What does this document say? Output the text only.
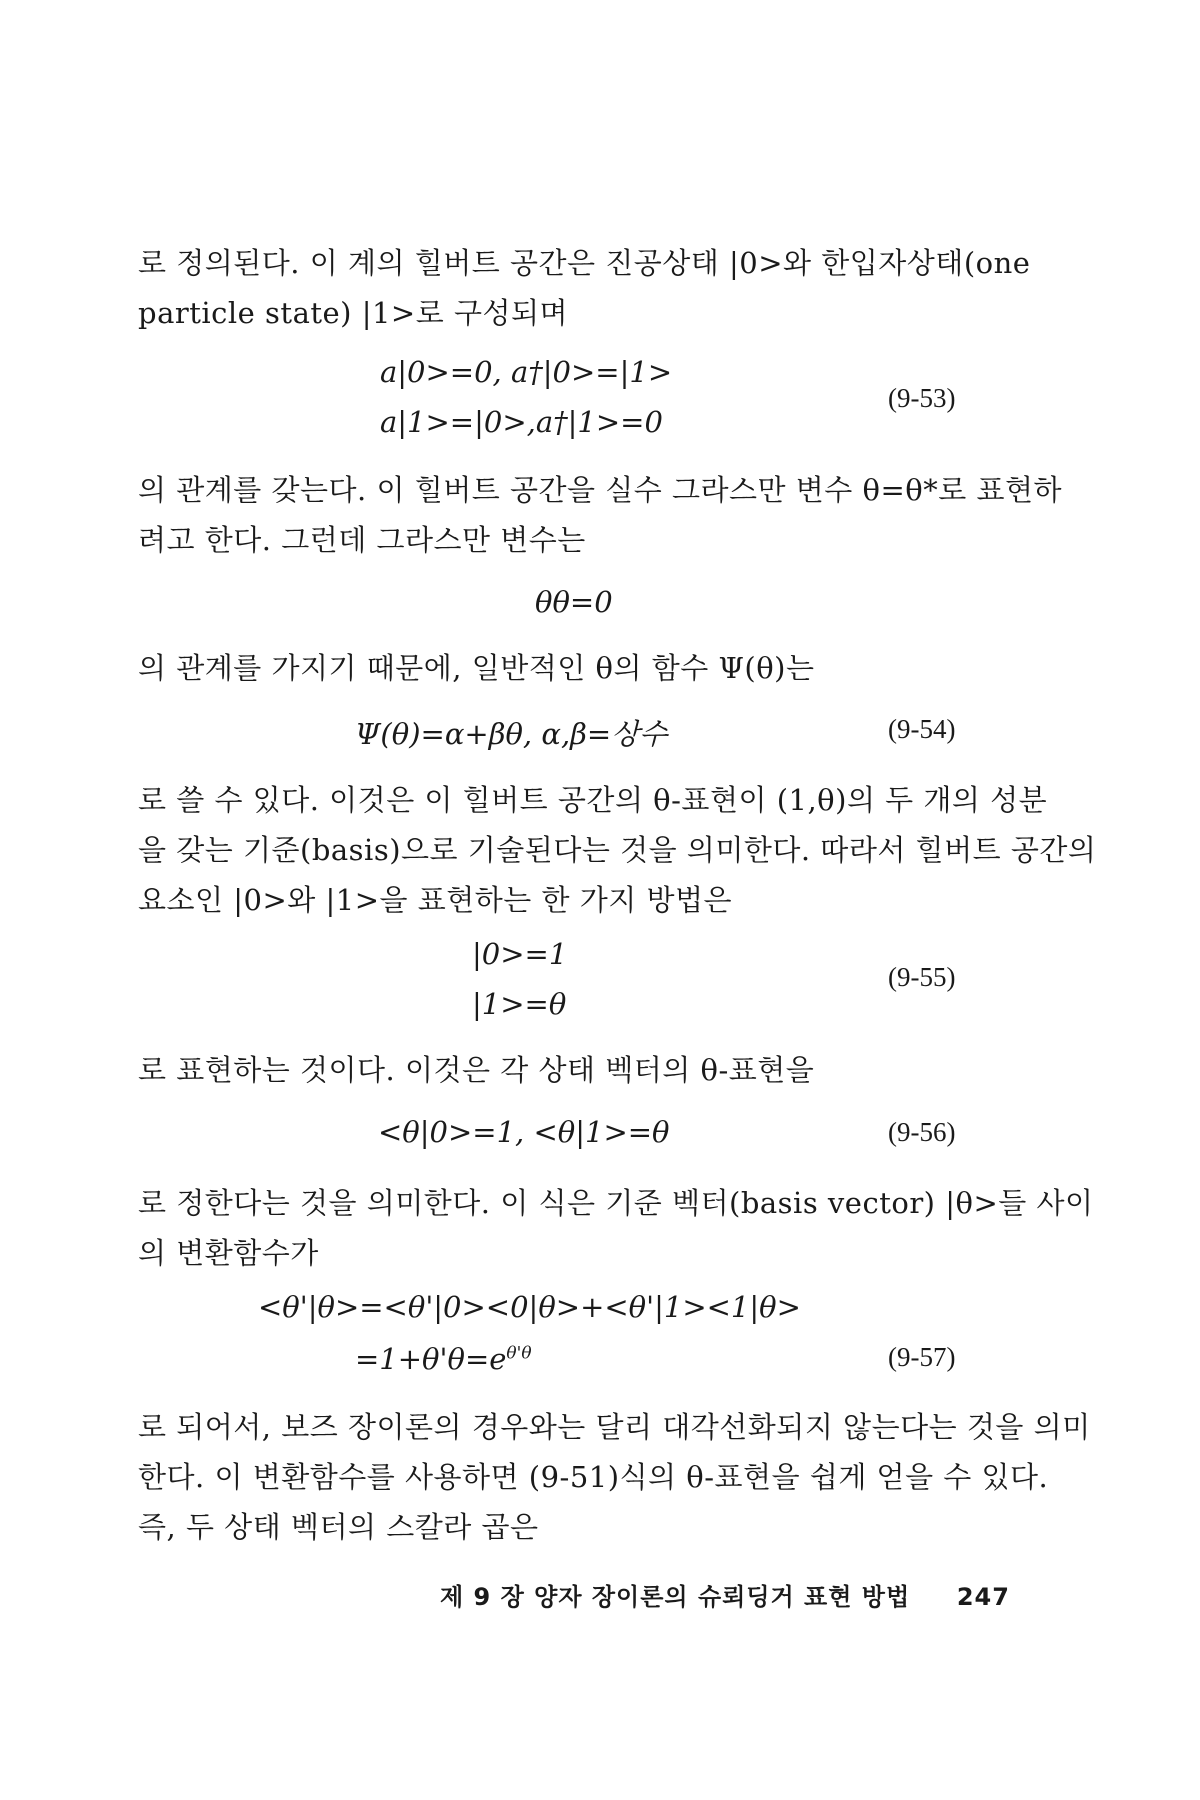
로 정의된다. 이 계의 힐버트 공간은 진공상태 |0>와 한입자상태(one
particle state) |1>로 구성되며

a|0>=0, a†|0>=|1>
a|1>=|0>,a†|1>=0
(9-53)

의 관계를 갖는다. 이 힐버트 공간을 실수 그라스만 변수 θ=θ*로 표현하
려고 한다. 그런데 그라스만 변수는

θθ=0

의 관계를 가지기 때문에, 일반적인 θ의 함수 Ψ(θ)는

Ψ(θ)=α+βθ, α,β=상수	(9-54)

로 쓸 수 있다. 이것은 이 힐버트 공간의 θ-표현이 (1,θ)의 두 개의 성분
을 갖는 기준(basis)으로 기술된다는 것을 의미한다. 따라서 힐버트 공간의
요소인 |0>와 |1>을 표현하는 한 가지 방법은

|0>=1
|1>=θ
(9-55)

로 표현하는 것이다. 이것은 각 상태 벡터의 θ-표현을

<θ|0>=1, <θ|1>=θ	(9-56)

로 정한다는 것을 의미한다. 이 식은 기준 벡터(basis vector) |θ>들 사이
의 변환함수가

<θ'|θ>=<θ'|0><0|θ>+<θ'|1><1|θ>
$=1+\theta'\theta=e^{\theta'\theta}$	(9-57)

로 되어서, 보즈 장이론의 경우와는 달리 대각선화되지 않는다는 것을 의미
한다. 이 변환함수를 사용하면 (9-51)식의 θ-표현을 쉽게 얻을 수 있다.
즉, 두 상태 벡터의 스칼라 곱은

제 9 장 양자 장이론의 슈뢰딩거 표현 방법 247
